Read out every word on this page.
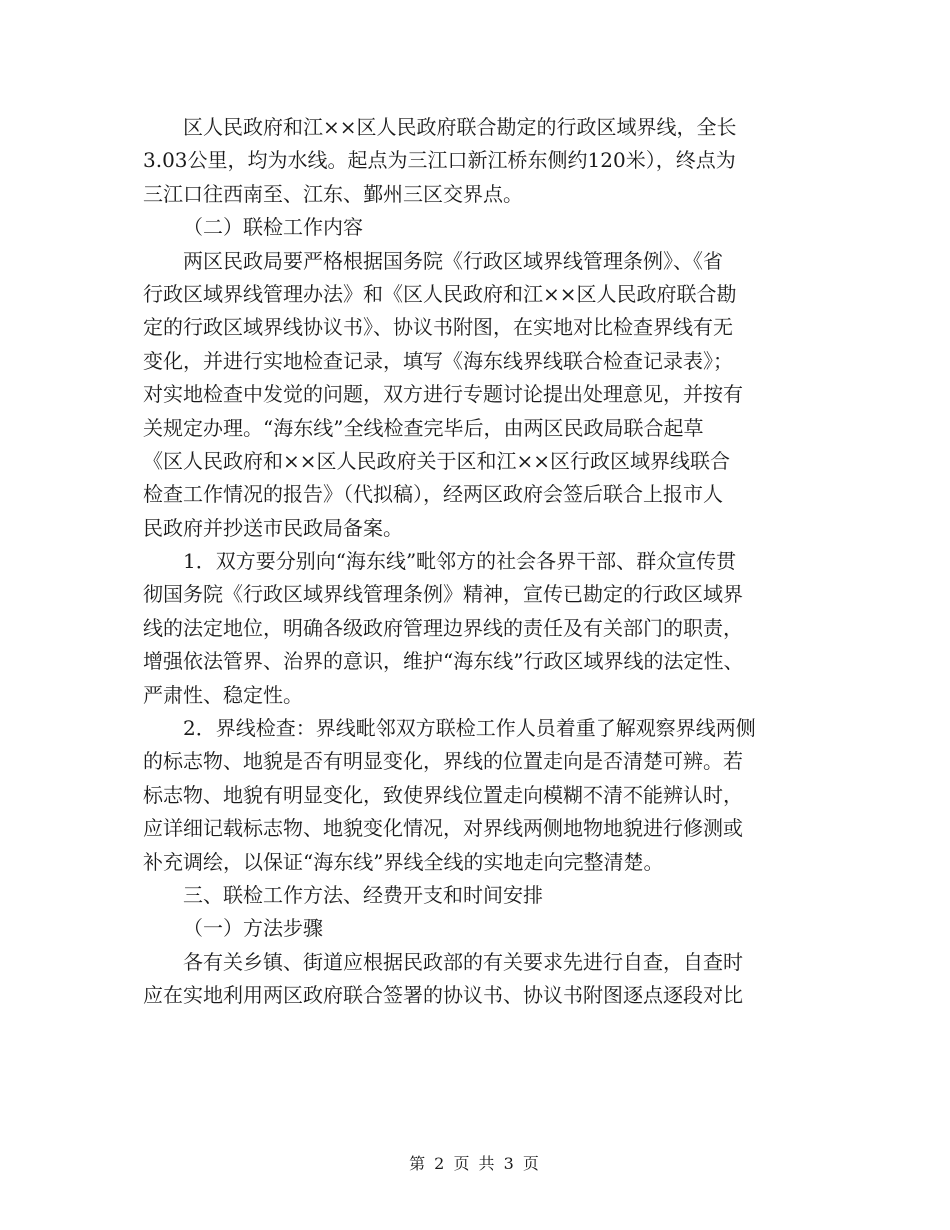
区人民政府和江××区人民政府联合勘定的行政区域界线，全长
3.03公里，均为水线。起点为三江口新江桥东侧约120米），终点为
三江口往西南至、江东、鄞州三区交界点。
（二）联检工作内容
两区民政局要严格根据国务院《行政区域界线管理条例》、《省
行政区域界线管理办法》和《区人民政府和江××区人民政府联合勘
定的行政区域界线协议书》、协议书附图，在实地对比检查界线有无
变化，并进行实地检查记录，填写《海东线界线联合检查记录表》；
对实地检查中发觉的问题，双方进行专题讨论提出处理意见，并按有
关规定办理。“海东线”全线检查完毕后，由两区民政局联合起草
《区人民政府和××区人民政府关于区和江××区行政区域界线联合
检查工作情况的报告》（代拟稿），经两区政府会签后联合上报市人
民政府并抄送市民政局备案。
1．双方要分别向“海东线”毗邻方的社会各界干部、群众宣传贯
彻国务院《行政区域界线管理条例》精神，宣传已勘定的行政区域界
线的法定地位，明确各级政府管理边界线的责任及有关部门的职责，
增强依法管界、治界的意识，维护“海东线”行政区域界线的法定性、
严肃性、稳定性。
2．界线检查：界线毗邻双方联检工作人员着重了解观察界线两侧
的标志物、地貌是否有明显变化，界线的位置走向是否清楚可辨。若
标志物、地貌有明显变化，致使界线位置走向模糊不清不能辨认时，
应详细记载标志物、地貌变化情况，对界线两侧地物地貌进行修测或
补充调绘，以保证“海东线”界线全线的实地走向完整清楚。
三、联检工作方法、经费开支和时间安排
（一）方法步骤
各有关乡镇、街道应根据民政部的有关要求先进行自查，自查时
应在实地利用两区政府联合签署的协议书、协议书附图逐点逐段对比
第 2 页 共 3 页
